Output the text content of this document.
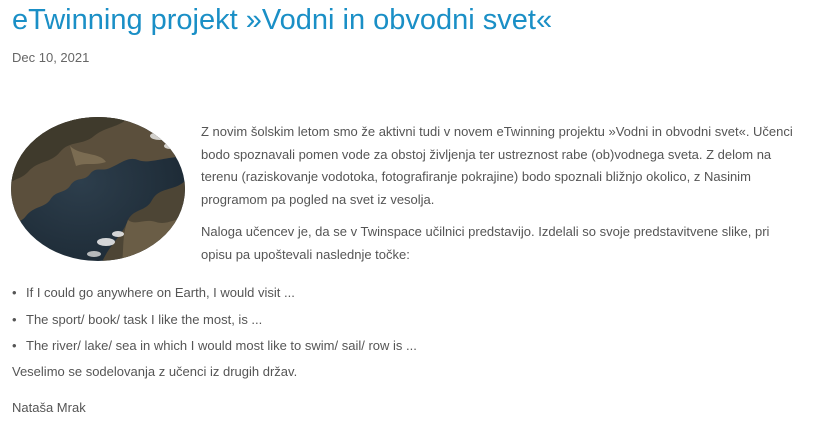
eTwinning projekt »Vodni in obvodni svet«
Dec 10, 2021

Z novim šolskim letom smo že aktivni tudi v novem eTwinning projektu »Vodni in obvodni svet«. Učenci bodo spoznavali pomen vode za obstoj življenja ter ustreznost rabe (ob)vodnega sveta. Z delom na terenu (raziskovanje vodotoka, fotografiranje pokrajine) bodo spoznali bližnjo okolico, z Nasinim programom pa pogled na svet iz vesolja.

Naloga učencev je, da se v Twinspace učilnici predstavijo. Izdelali so svoje predstavitvene slike, pri opisu pa upoštevali naslednje točke:

• If I could go anywhere on Earth, I would visit ...
• The sport/ book/ task I like the most, is ...
• The river/ lake/ sea in which I would most like to swim/ sail/ row is ...
Veselimo se sodelovanja z učenci iz drugih držav.
Nataša Mrak
